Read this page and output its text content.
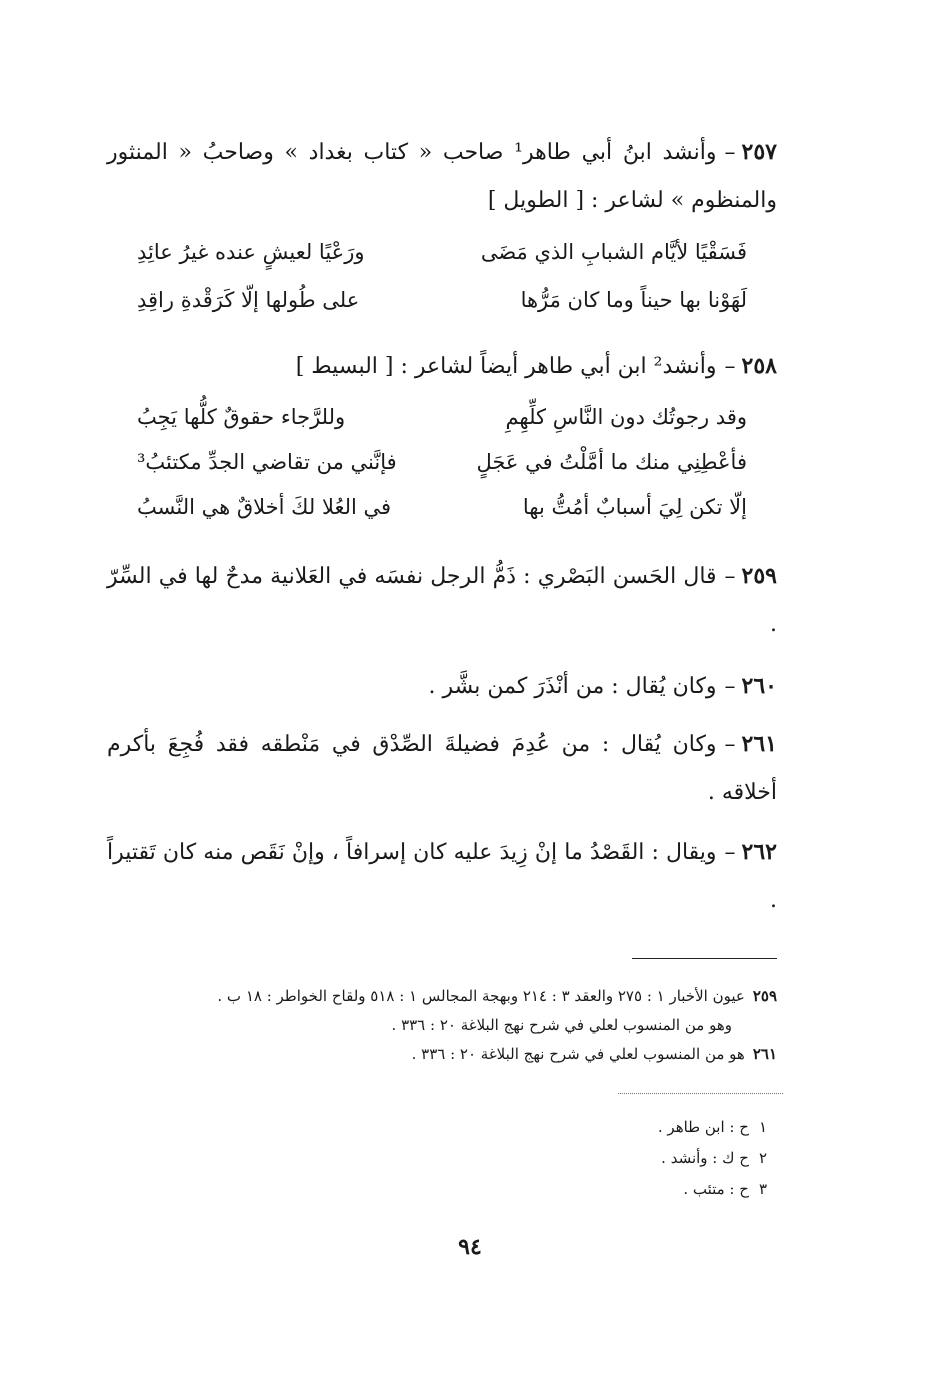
٢٥٧–وأنشد ابنُ أبي طاهر¹ صاحب « كتاب بغداد » وصاحبُ « المنثور والمنظوم » لشاعر : [ الطويل ]
فَسَقْيًا لأيَّام الشبابِ الذي مَضَى
ورَعْيًا لعيشٍ عنده غيرُ عائِدِ
لَهَوْنا بها حيناً وما كان مَرُّها
على طُولها إلّا كَرَقْدةِ راقِدِ
٢٥٨–وأنشد² ابن أبي طاهر أيضاً لشاعر : [ البسيط ]
وقد رجوتُك دون النَّاسِ كلِّهِمِ
وللرَّجاء حقوقٌ كلُّها يَجِبُ
فأعْطِنِي منك ما أمَّلْتُ في عَجَلٍ
فإنَّني من تقاضي الجدِّ مكتئبُ³
إلّا تكن لِيَ أسبابٌ أمُتُّ بها
في العُلا لكَ أخلاقٌ هي النَّسبُ
٢٥٩–قال الحَسن البَصْري : ذَمُّ الرجل نفسَه في العَلانية مدحٌ لها في السِّرّ .
٢٦٠–وكان يُقال : من أنْذَرَ كمن بشَّر .
٢٦١–وكان يُقال : من عُدِمَ فضيلةَ الصِّدْق في مَنْطقه فقد فُجِعَ بأكرم أخلاقه .
٢٦٢–ويقال : القَصْدُ ما إنْ زِيدَ عليه كان إسرافاً ، وإنْ نَقَص منه كان تَقتيراً .
٢٥٩عيون الأخبار ١ : ٢٧٥ والعقد ٣ : ٢١٤ وبهجة المجالس ١ : ٥١٨ ولقاح الخواطر : ١٨ ب .
وهو من المنسوب لعلي في شرح نهج البلاغة ٢٠ : ٣٣٦ .
٢٦١هو من المنسوب لعلي في شرح نهج البلاغة ٢٠ : ٣٣٦ .
١ح : ابن طاهر .
٢ح ك : وأنشد .
٣ح : متئب .
٩٤
